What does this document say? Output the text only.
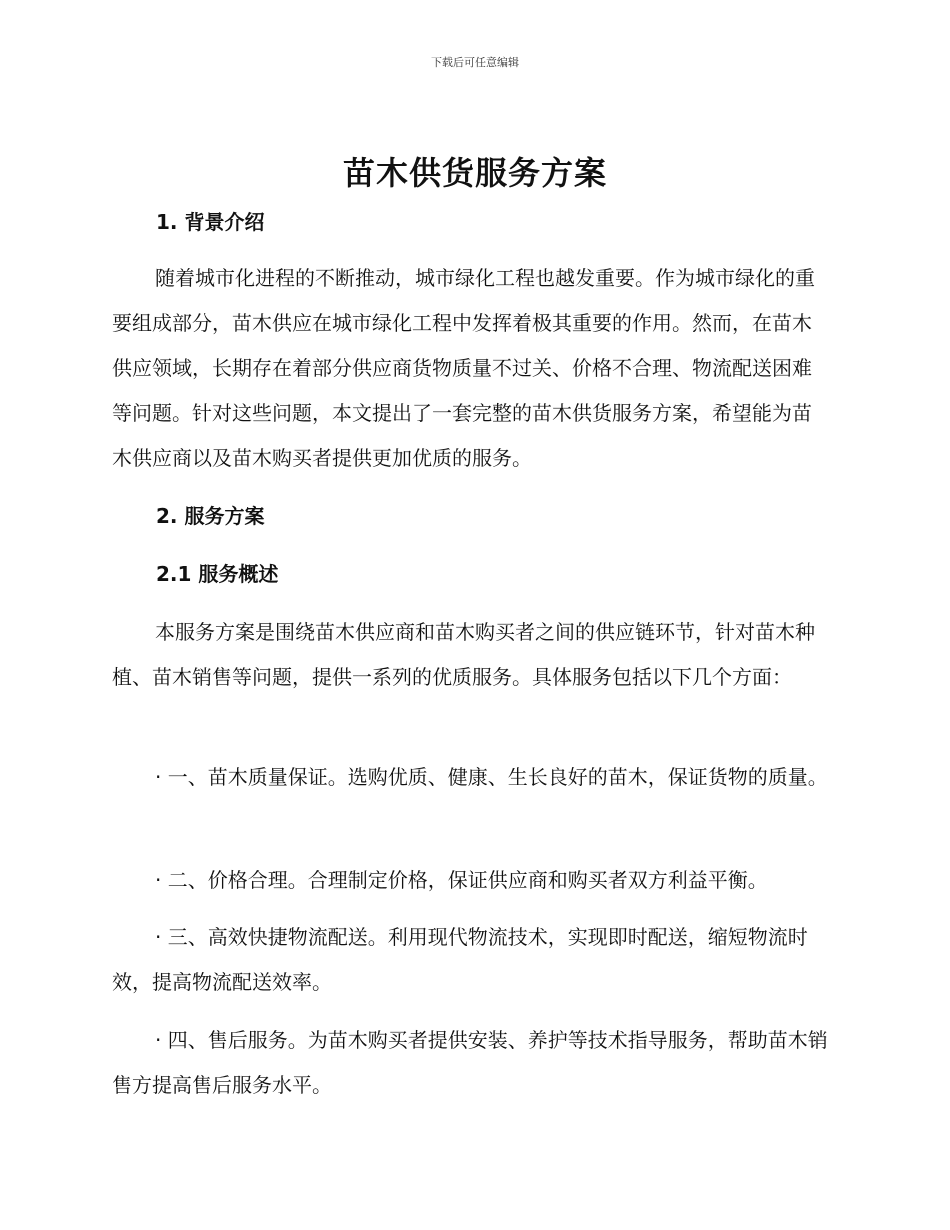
下载后可任意编辑
苗木供货服务方案
1. 背景介绍

随着城市化进程的不断推动，城市绿化工程也越发重要。作为城市绿化的重要组成部分，苗木供应在城市绿化工程中发挥着极其重要的作用。然而，在苗木供应领域，长期存在着部分供应商货物质量不过关、价格不合理、物流配送困难等问题。针对这些问题，本文提出了一套完整的苗木供货服务方案，希望能为苗木供应商以及苗木购买者提供更加优质的服务。

2. 服务方案
2.1 服务概述

本服务方案是围绕苗木供应商和苗木购买者之间的供应链环节，针对苗木种植、苗木销售等问题，提供一系列的优质服务。具体服务包括以下几个方面：

· 一、苗木质量保证。选购优质、健康、生长良好的苗木，保证货物的质量。

· 二、价格合理。合理制定价格，保证供应商和购买者双方利益平衡。

· 三、高效快捷物流配送。利用现代物流技术，实现即时配送，缩短物流时效，提高物流配送效率。

· 四、售后服务。为苗木购买者提供安装、养护等技术指导服务，帮助苗木销售方提高售后服务水平。
